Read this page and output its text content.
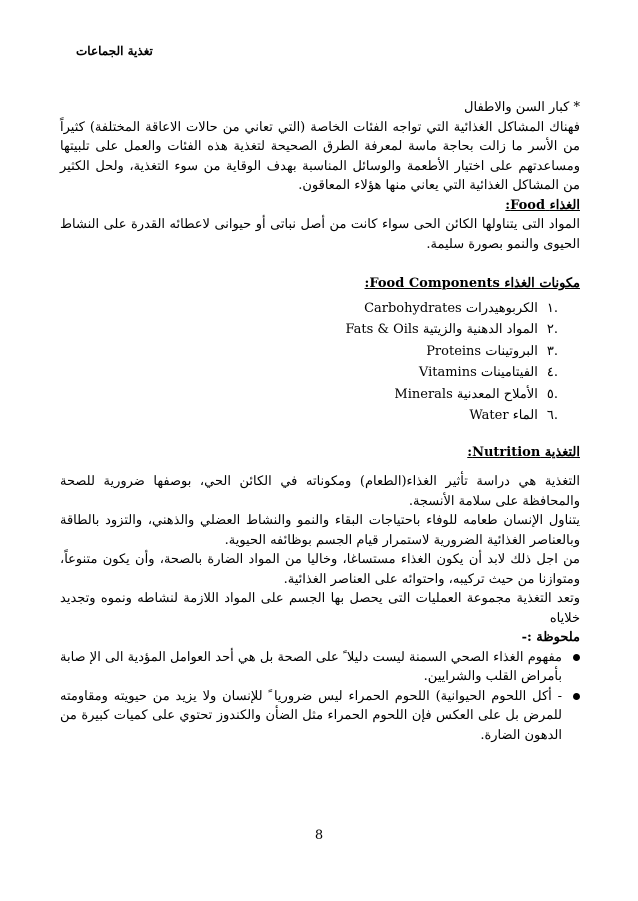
تغذية الجماعات

* كبار السن والاطفال

فهناك المشاكل الغذائية التي تواجه الفئات الخاصة (التي تعاني من حالات الاعاقة المختلفة) كثيراً من الأسر ما زالت بحاجة ماسة لمعرفة الطرق الصحيحة لتغذية هذه الفئات والعمل على تلبيتها ومساعدتهم على اختيار الأطعمة والوسائل المناسبة بهدف الوقاية من سوء التغذية، ولحل الكثير من المشاكل الغذائية التي يعاني منها هؤلاء المعاقون.

الغذاء Food:

المواد التى يتناولها الكائن الحى سواء كانت من أصل نباتى أو حيوانى لاعطائه القدرة على النشاط الحيوى والنمو بصورة سليمة.

مكونات الغذاء Food Components:

.١ الكربوهيدرات Carbohydrates
.٢ المواد الدهنية والزيتية Fats & Oils
.٣ البروتينات Proteins
.٤ الفيتامينات Vitamins
.٥ الأملاح المعدنية Minerals
.٦ الماء Water

التغذية Nutrition:

التغذية هي دراسة تأثير الغذاء(الطعام) ومكوناته في الكائن الحي، بوصفها ضرورية للصحة والمحافظة على سلامة الأنسجة.

يتناول الإنسان طعامه للوفاء باحتياجات البقاء والنمو والنشاط العضلي والذهني، والتزود بالطاقة وبالعناصر الغذائية الضرورية لاستمرار قيام الجسم بوظائفه الحيوية.

من اجل ذلك لابد أن يكون الغذاء مستساغا، وخاليا من المواد الضارة بالصحة، وأن يكون متنوعاً، ومتوازنا من حيث تركيبه، واحتوائه على العناصر الغذائية.

وتعد التغذية مجموعة العمليات التى يحصل بها الجسم على المواد اللازمة لنشاطه ونموه وتجديد خلاياه

ملحوظة :-

مفهوم الغذاء الصحي السمنة ليست دليلا ً على الصحة بل هي أحد العوامل المؤدية الى الإ صابة بأمراض القلب والشرايين.
- أكل اللحوم الحيوانية) اللحوم الحمراء ليس ضروريا ً للإنسان ولا يزيد من حيويته ومقاومته للمرض بل على العكس فإن اللحوم الحمراء مثل الضأن والكندوز تحتوي على كميات كبيرة من الدهون الضارة.
8
